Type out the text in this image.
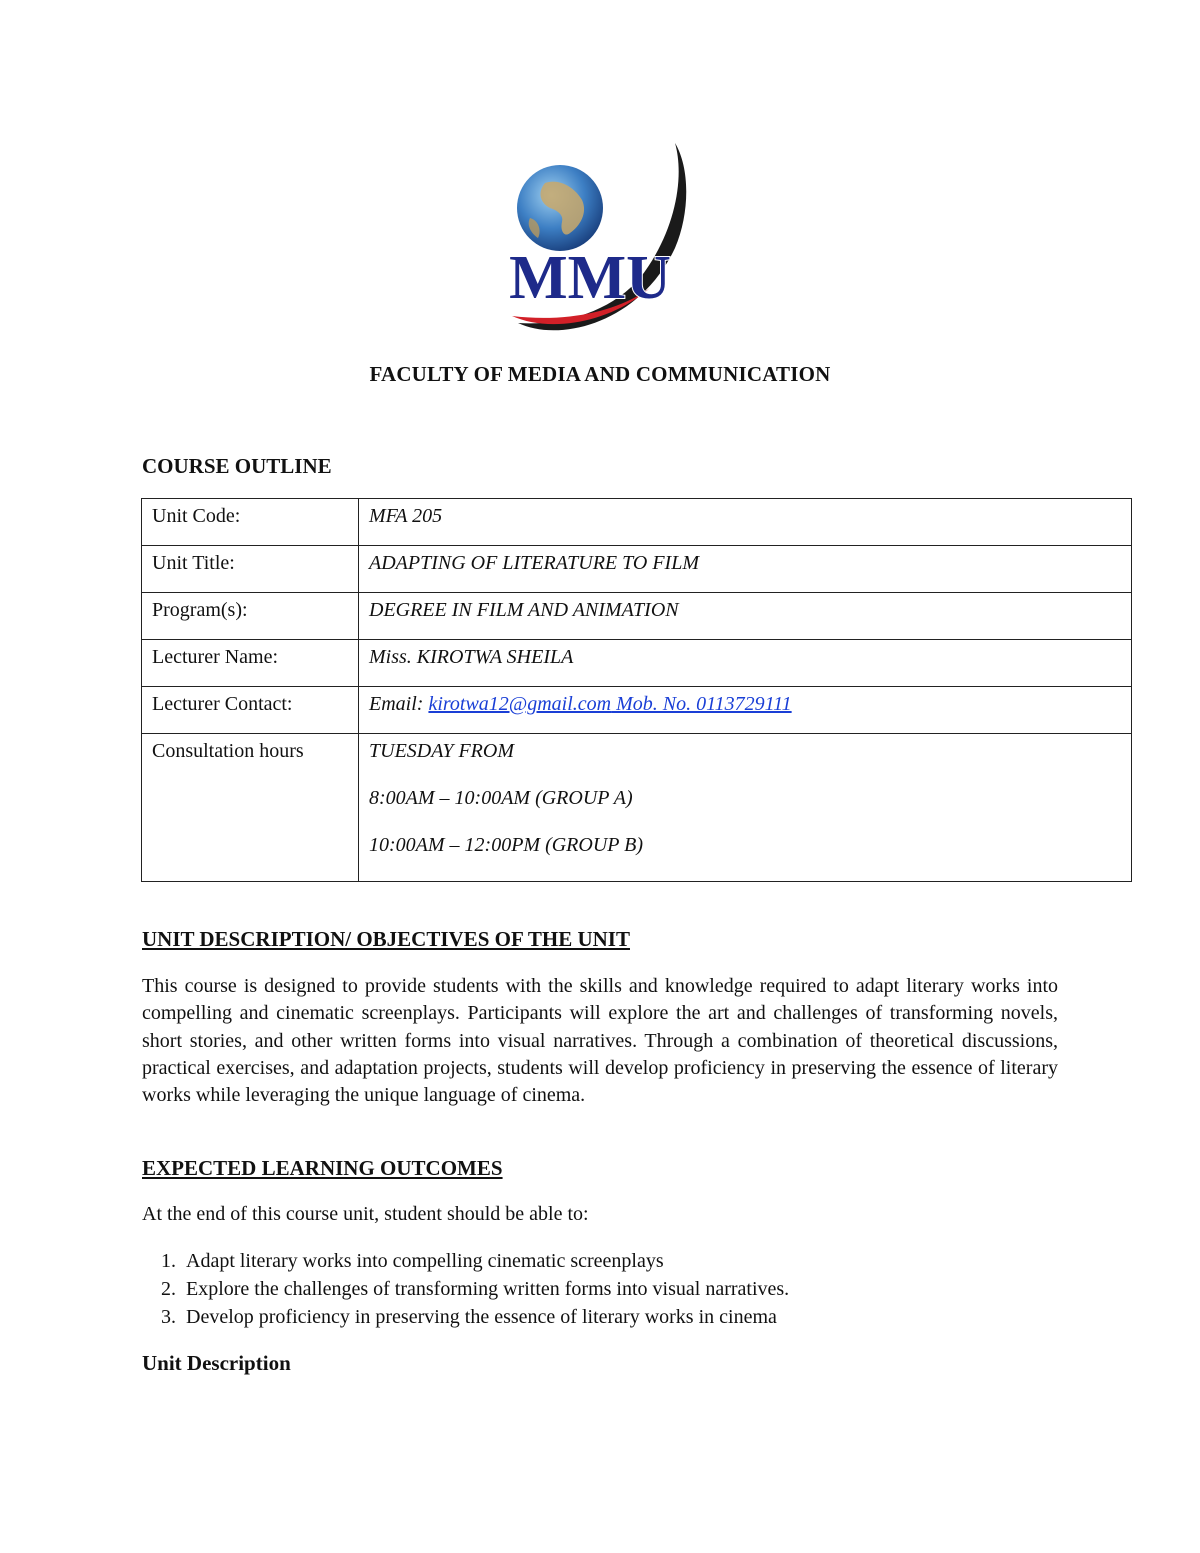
MMU
FACULTY OF MEDIA AND COMMUNICATION
COURSE OUTLINE
Unit Code:	MFA 205
Unit Title:	ADAPTING OF LITERATURE TO FILM
Program(s):	DEGREE IN FILM AND ANIMATION
Lecturer Name:	Miss. KIROTWA SHEILA
Lecturer Contact:	Email: kirotwa12@gmail.com Mob. No. 0113729111
Consultation hours	TUESDAY FROM
8:00AM – 10:00AM (GROUP A)
10:00AM – 12:00PM (GROUP B)
UNIT DESCRIPTION/ OBJECTIVES OF THE UNIT
This course is designed to provide students with the skills and knowledge required to adapt literary works into compelling and cinematic screenplays. Participants will explore the art and challenges of transforming novels, short stories, and other written forms into visual narratives. Through a combination of theoretical discussions, practical exercises, and adaptation projects, students will develop proficiency in preserving the essence of literary works while leveraging the unique language of cinema.
EXPECTED LEARNING OUTCOMES
At the end of this course unit, student should be able to:
1. Adapt literary works into compelling cinematic screenplays
2. Explore the challenges of transforming written forms into visual narratives.
3. Develop proficiency in preserving the essence of literary works in cinema
Unit Description
